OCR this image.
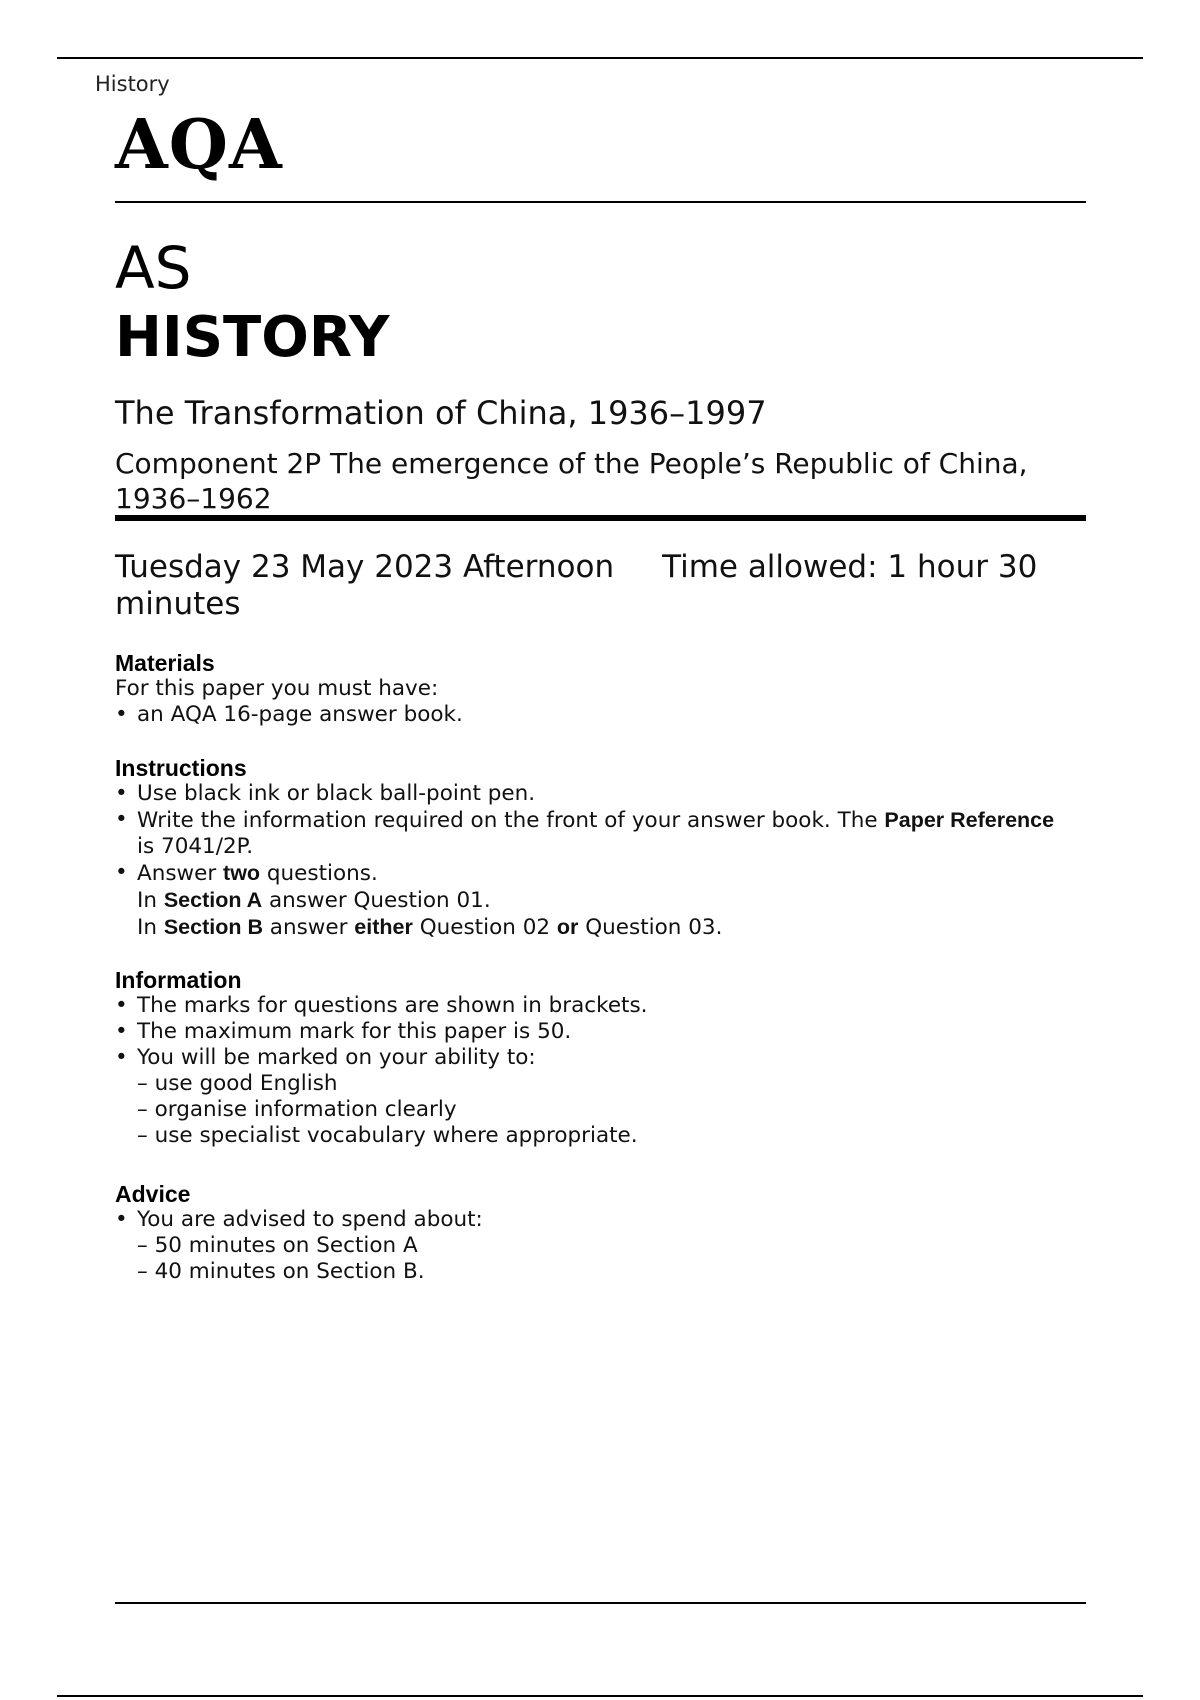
History
AQA
AS
HISTORY
The Transformation of China, 1936–1997
Component 2P The emergence of the People’s Republic of China, 1936–1962
Tuesday 23 May 2023 Afternoon Time allowed: 1 hour 30 minutes
Materials

For this paper you must have:

• an AQA 16-page answer book.
Instructions
• Use black ink or black ball-point pen.
• Write the information required on the front of your answer book. The Paper Reference is 7041/2P.
• Answer two questions.
In Section A answer Question 01.
In Section B answer either Question 02 or Question 03.
Information
• The marks for questions are shown in brackets.
• The maximum mark for this paper is 50.
• You will be marked on your ability to:
– use good English
– organise information clearly
– use specialist vocabulary where appropriate.
Advice
• You are advised to spend about:
– 50 minutes on Section A
– 40 minutes on Section B.
